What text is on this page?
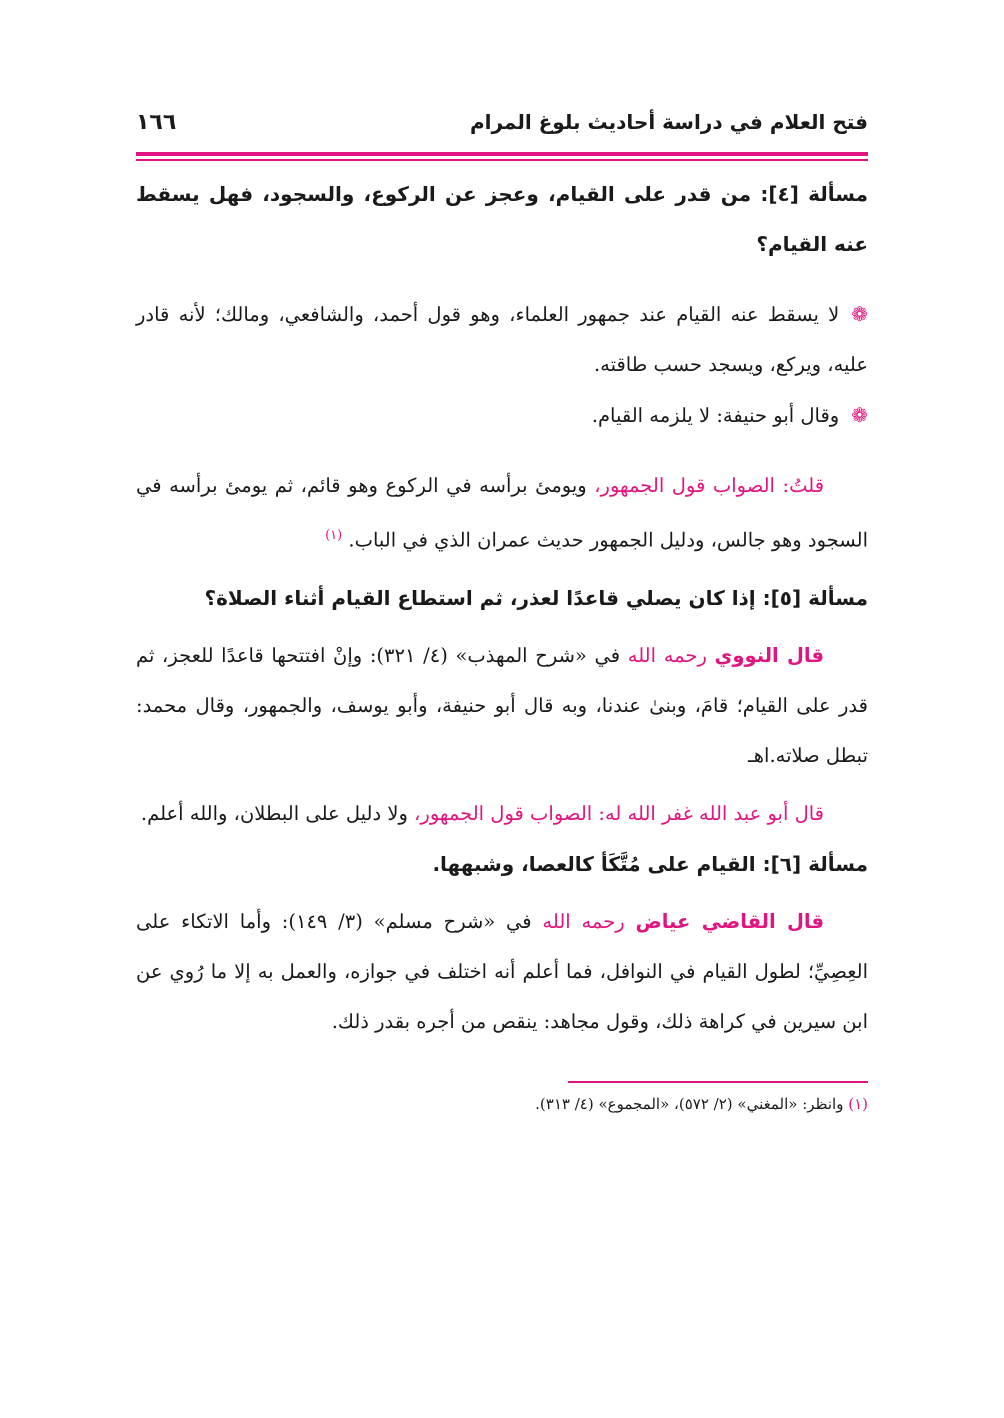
فتح العلام في دراسة أحاديث بلوغ المرام
١٦٦

مسألة [٤]: من قدر على القيام، وعجز عن الركوع، والسجود، فهل يسقط عنه القيام؟

❁لا يسقط عنه القيام عند جمهور العلماء، وهو قول أحمد، والشافعي، ومالك؛ لأنه قادر عليه، ويركع، ويسجد حسب طاقته.

❁وقال أبو حنيفة: لا يلزمه القيام.

قلتُ: الصواب قول الجمهور، ويومئ برأسه في الركوع وهو قائم، ثم يومئ برأسه في السجود وهو جالس، ودليل الجمهور حديث عمران الذي في الباب. $^{(١)}$

مسألة [٥]: إذا كان يصلي قاعدًا لعذر، ثم استطاع القيام أثناء الصلاة؟

قال النووي رحمه الله في «شرح المهذب» (٤/ ٣٢١): وإنْ افتتحها قاعدًا للعجز، ثم قدر على القيام؛ قامَ، وبنىٰ عندنا، وبه قال أبو حنيفة، وأبو يوسف، والجمهور، وقال محمد: تبطل صلاته.اهـ

قال أبو عبد الله غفر الله له: الصواب قول الجمهور، ولا دليل على البطلان، والله أعلم.

مسألة [٦]: القيام على مُتَّكَأ كالعصا، وشبهها.

قال القاضي عياض رحمه الله في «شرح مسلم» (٣/ ١٤٩): وأما الاتكاء على العِصِيِّ؛ لطول القيام في النوافل، فما أعلم أنه اختلف في جوازه، والعمل به إلا ما رُوي عن ابن سيرين في كراهة ذلك، وقول مجاهد: ينقص من أجره بقدر ذلك.

(١) وانظر: «المغني» (٢/ ٥٧٢)، «المجموع» (٤/ ٣١٣).
